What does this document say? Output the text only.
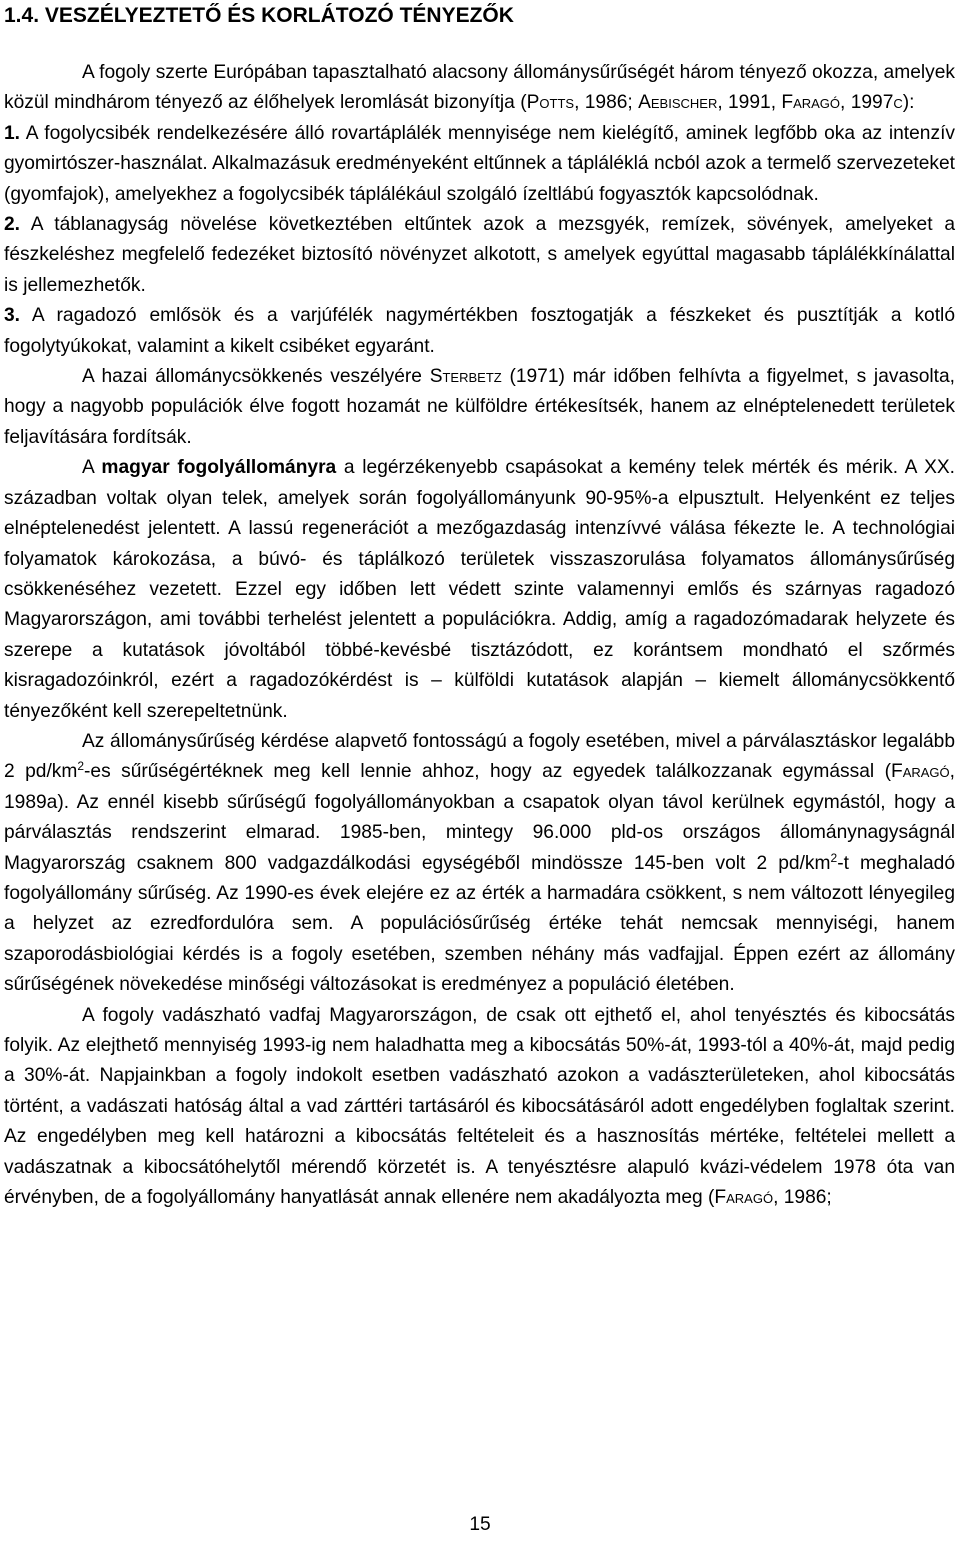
1.4. VESZÉLYEZTETŐ ÉS KORLÁTOZÓ TÉNYEZŐK

A fogoly szerte Európában tapasztalható alacsony állománysűrűségét három tényező okozza, amelyek közül mindhárom tényező az élőhelyek leromlását bizonyítja (Potts, 1986; Aebischer, 1991, Faragó, 1997c):

1. A fogolycsibék rendelkezésére álló rovartáplálék mennyisége nem kielégítő, aminek legfőbb oka az intenzív gyomirtószer-használat. Alkalmazásuk eredményeként eltűnnek a tápláléklá ncból azok a termelő szervezeteket (gyomfajok), amelyekhez a fogolycsibék táplálékául szolgáló ízeltlábú fogyasztók kapcsolódnak.

2. A táblanagyság növelése következtében eltűntek azok a mezsgyék, remízek, sövények, amelyeket a fészkeléshez megfelelő fedezéket biztosító növényzet alkotott, s amelyek egyúttal magasabb táplálékkínálattal is jellemezhetők.

3. A ragadozó emlősök és a varjúfélék nagymértékben fosztogatják a fészkeket és pusztítják a kotló fogolytyúkokat, valamint a kikelt csibéket egyaránt.

A hazai állománycsökkenés veszélyére Sterbetz (1971) már időben felhívta a figyelmet, s javasolta, hogy a nagyobb populációk élve fogott hozamát ne külföldre értékesítsék, hanem az elnéptelenedett területek feljavítására fordítsák.

A magyar fogolyállományra a legérzékenyebb csapásokat a kemény telek mérték és mérik. A XX. században voltak olyan telek, amelyek során fogolyállományunk 90-95%-a elpusztult. Helyenként ez teljes elnéptelenedést jelentett. A lassú regenerációt a mezőgazdaság intenzívvé válása fékezte le. A technológiai folyamatok károkozása, a búvó- és táplálkozó területek visszaszorulása folyamatos állománysűrűség csökkenéséhez vezetett. Ezzel egy időben lett védett szinte valamennyi emlős és szárnyas ragadozó Magyarországon, ami további terhelést jelentett a populációkra. Addig, amíg a ragadozómadarak helyzete és szerepe a kutatások jóvoltából többé-kevésbé tisztázódott, ez korántsem mondható el szőrmés kisragadozóinkról, ezért a ragadozókérdést is – külföldi kutatások alapján – kiemelt állománycsökkentő tényezőként kell szerepeltetnünk.

Az állománysűrűség kérdése alapvető fontosságú a fogoly esetében, mivel a párválasztáskor legalább 2 $pd/km^2-es$ sűrűségértéknek meg kell lennie ahhoz, hogy az egyedek találkozzanak egymással (Faragó, 1989a). Az ennél kisebb sűrűségű fogolyállományokban a csapatok olyan távol kerülnek egymástól, hogy a párválasztás rendszerint elmarad. 1985-ben, mintegy 96.000 pld-os országos állománynagyságnál Magyarország csaknem 800 vadgazdálkodási egységéből mindössze 145-ben volt 2 $pd/km^2-t$ meghaladó fogolyállomány sűrűség. Az 1990-es évek elejére ez az érték a harmadára csökkent, s nem változott lényegileg a helyzet az ezredfordulóra sem. A populációsűrűség értéke tehát nemcsak mennyiségi, hanem szaporodásbiológiai kérdés is a fogoly esetében, szemben néhány más vadfajjal. Éppen ezért az állomány sűrűségének növekedése minőségi változásokat is eredményez a populáció életében.

A fogoly vadászható vadfaj Magyarországon, de csak ott ejthető el, ahol tenyésztés és kibocsátás folyik. Az elejthető mennyiség 1993-ig nem haladhatta meg a kibocsátás 50%-át, 1993-tól a 40%-át, majd pedig a 30%-át. Napjainkban a fogoly indokolt esetben vadászható azokon a vadászterületeken, ahol kibocsátás történt, a vadászati hatóság által a vad zárttéri tartásáról és kibocsátásáról adott engedélyben foglaltak szerint. Az engedélyben meg kell határozni a kibocsátás feltételeit és a hasznosítás mértéke, feltételei mellett a vadászatnak a kibocsátóhelytől mérendő körzetét is. A tenyésztésre alapuló kvázi-védelem 1978 óta van érvényben, de a fogolyállomány hanyatlását annak ellenére nem akadályozta meg (Faragó, 1986;

15
